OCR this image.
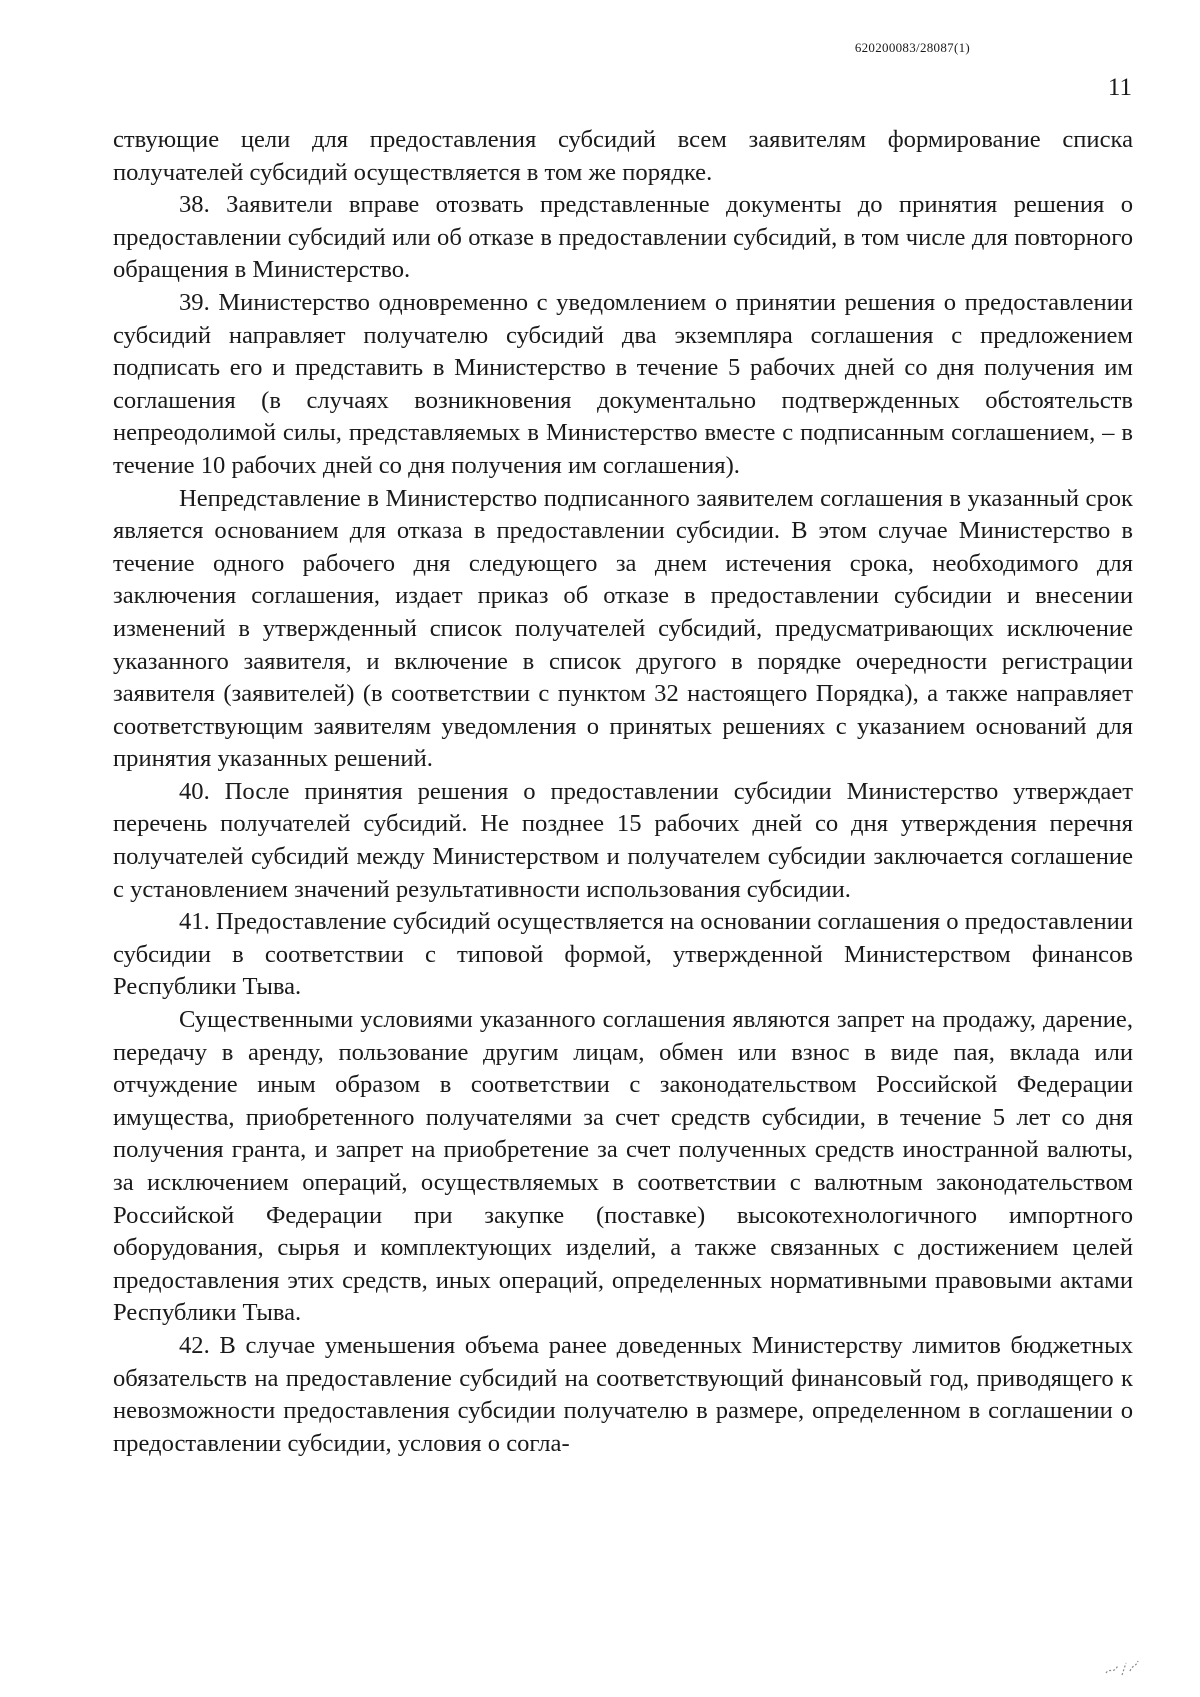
620200083/28087(1)
11

ствующие цели для предоставления субсидий всем заявителям формирование списка получателей субсидий осуществляется в том же порядке.

38. Заявители вправе отозвать представленные документы до принятия решения о предоставлении субсидий или об отказе в предоставлении субсидий, в том числе для повторного обращения в Министерство.

39. Министерство одновременно с уведомлением о принятии решения о предоставлении субсидий направляет получателю субсидий два экземпляра соглашения с предложением подписать его и представить в Министерство в течение 5 рабочих дней со дня получения им соглашения (в случаях возникновения документально подтвержденных обстоятельств непреодолимой силы, представляемых в Министерство вместе с подписанным соглашением, – в течение 10 рабочих дней со дня получения им соглашения).

Непредставление в Министерство подписанного заявителем соглашения в указанный срок является основанием для отказа в предоставлении субсидии. В этом случае Министерство в течение одного рабочего дня следующего за днем истечения срока, необходимого для заключения соглашения, издает приказ об отказе в предоставлении субсидии и внесении изменений в утвержденный список получателей субсидий, предусматривающих исключение указанного заявителя, и включение в список другого в порядке очередности регистрации заявителя (заявителей) (в соответствии с пунктом 32 настоящего Порядка), а также направляет соответствующим заявителям уведомления о принятых решениях с указанием оснований для принятия указанных решений.

40. После принятия решения о предоставлении субсидии Министерство утверждает перечень получателей субсидий. Не позднее 15 рабочих дней со дня утверждения перечня получателей субсидий между Министерством и получателем субсидии заключается соглашение с установлением значений результативности использования субсидии.

41. Предоставление субсидий осуществляется на основании соглашения о предоставлении субсидии в соответствии с типовой формой, утвержденной Министерством финансов Республики Тыва.

Существенными условиями указанного соглашения являются запрет на продажу, дарение, передачу в аренду, пользование другим лицам, обмен или взнос в виде пая, вклада или отчуждение иным образом в соответствии с законодательством Российской Федерации имущества, приобретенного получателями за счет средств субсидии, в течение 5 лет со дня получения гранта, и запрет на приобретение за счет полученных средств иностранной валюты, за исключением операций, осуществляемых в соответствии с валютным законодательством Российской Федерации при закупке (поставке) высокотехнологичного импортного оборудования, сырья и комплектующих изделий, а также связанных с достижением целей предоставления этих средств, иных операций, определенных нормативными правовыми актами Республики Тыва.

42. В случае уменьшения объема ранее доведенных Министерству лимитов бюджетных обязательств на предоставление субсидий на соответствующий финансовый год, приводящего к невозможности предоставления субсидии получателю в размере, определенном в соглашении о предоставлении субсидии, условия о согла-
